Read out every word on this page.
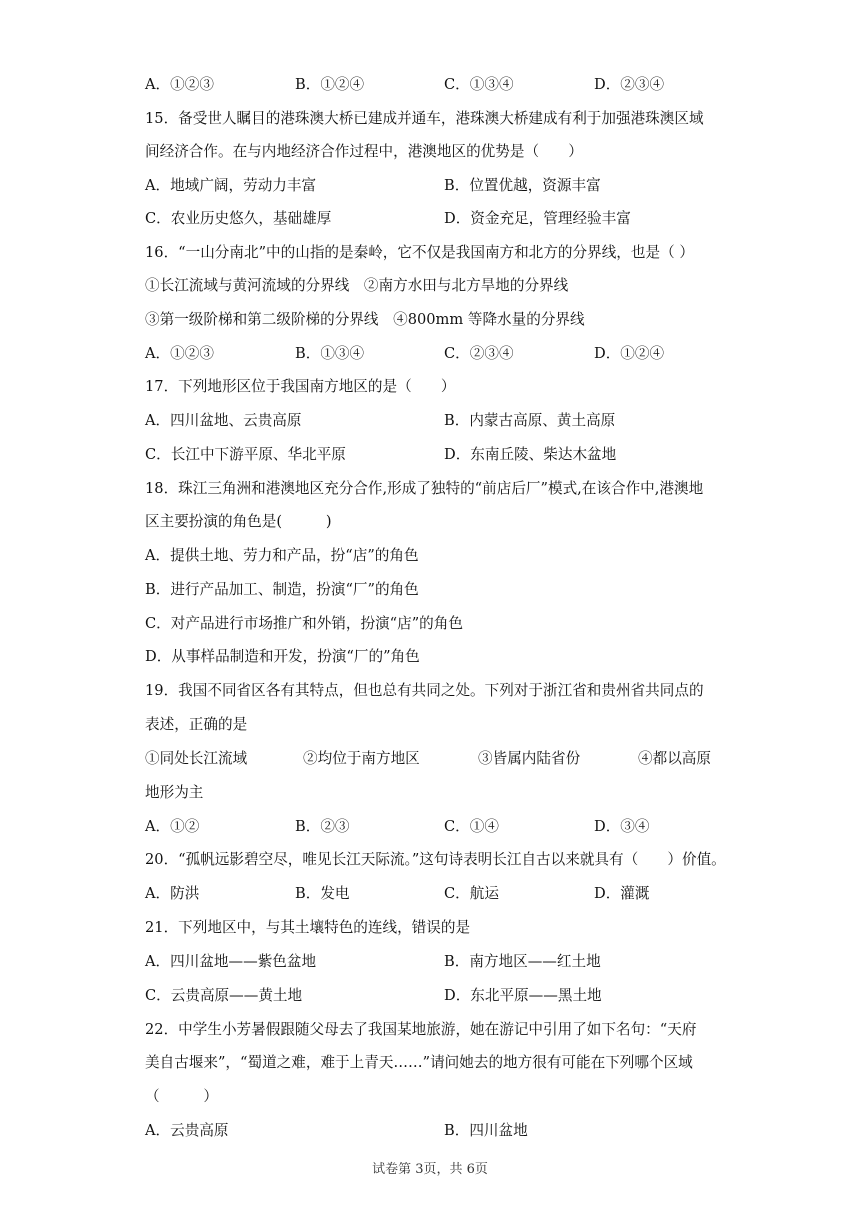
A．①②③	B．①②④	C．①③④	D．②③④
15．备受世人瞩目的港珠澳大桥已建成并通车，港珠澳大桥建成有利于加强港珠澳区域
间经济合作。在与内地经济合作过程中，港澳地区的优势是（　　）
A．地域广阔，劳动力丰富	B．位置优越，资源丰富
C．农业历史悠久，基础雄厚	D．资金充足，管理经验丰富
16．“一山分南北”中的山指的是秦岭，它不仅是我国南方和北方的分界线，也是（ ）
①长江流域与黄河流域的分界线　②南方水田与北方旱地的分界线
③第一级阶梯和第二级阶梯的分界线　④800mm 等降水量的分界线
A．①②③	B．①③④	C．②③④	D．①②④
17．下列地形区位于我国南方地区的是（　　）
A．四川盆地、云贵高原	B．内蒙古高原、黄土高原
C．长江中下游平原、华北平原	D．东南丘陵、柴达木盆地
18．珠江三角洲和港澳地区充分合作,形成了独特的“前店后厂”模式,在该合作中,港澳地
区主要扮演的角色是(　　　)
A．提供土地、劳力和产品，扮“店”的角色
B．进行产品加工、制造，扮演“厂”的角色
C．对产品进行市场推广和外销，扮演“店”的角色
D．从事样品制造和开发，扮演“厂的”角色
19．我国不同省区各有其特点，但也总有共同之处。下列对于浙江省和贵州省共同点的
表述，正确的是
①同处长江流域	②均位于南方地区	③皆属内陆省份	④都以高原
地形为主
A．①②	B．②③	C．①④	D．③④
20．“孤帆远影碧空尽，唯见长江天际流。”这句诗表明长江自古以来就具有（　　）价值。
A．防洪	B．发电	C．航运	D．灌溉
21．下列地区中，与其土壤特色的连线，错误的是
A．四川盆地——紫色盆地	B．南方地区——红土地
C．云贵高原——黄土地	D．东北平原——黑土地
22．中学生小芳暑假跟随父母去了我国某地旅游，她在游记中引用了如下名句：“天府
美自古堰来”，“蜀道之难，难于上青天……”请问她去的地方很有可能在下列哪个区域
（　　　）
A．云贵高原	B．四川盆地
试卷第 3页，共 6页
